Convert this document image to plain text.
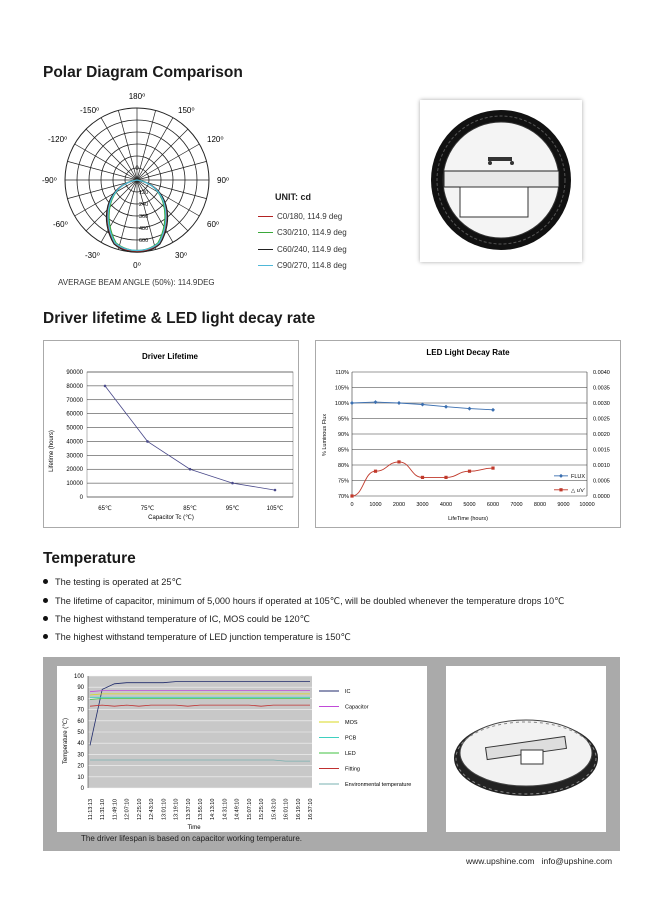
Polar Diagram Comparison
0
120
240
360
480
600
180⁰
-150⁰	150⁰
-120⁰	120⁰
-90⁰	90⁰
-60⁰	60⁰
-30⁰	30⁰
0⁰
AVERAGE BEAM ANGLE (50%): 114.9DEG
UNIT: cd
C0/180, 114.9 deg
C30/210, 114.9 deg
C60/240, 114.9 deg
C90/270, 114.8 deg
Driver lifetime & LED light decay rate
Driver Lifetime
Capacitor Tc (℃)
Lifetime (hours)
0
10000
20000
30000
40000
50000
60000
70000
80000
90000
65℃	75℃	85℃	95℃	105℃
LED Light Decay Rate
LifeTime (hours)
% Luminous Flux
70%
75%
80%
85%
90%
95%
100%
105%
110%
0.0000
0.0005
0.0010
0.0015
0.0020
0.0025
0.0030
0.0035
0.0040
0	1000 2000 3000 4000 5000 6000 7000 8000 9000 10000
FLUX
△ u'v'
Temperature
The testing is operated at 25℃
The lifetime of capacitor, minimum of 5,000 hours if operated at 105℃, will be doubled whenever the temperature drops 10℃
The highest withstand temperature of IC, MOS could be 120℃
The highest withstand temperature of LED junction temperature is 150℃
Temperature (℃)
Time
0
10
20
30
40
50
60
70
80
90
100
11:13:13 11:31:10 11:49:10 12:07:10 12:25:10 12:43:10 13:01:10 13:19:10 13:37:10 13:55:10 14:13:10 14:31:10 14:49:10 15:07:10 15:25:10 15:43:10 16:01:10 16:19:10 16:37:10
IC
Capacitor
MOS
PCB
LED
Fitting
Environmental temperature
The driver lifespan is based on capacitor working temperature.
www.upshine.com   info@upshine.com
